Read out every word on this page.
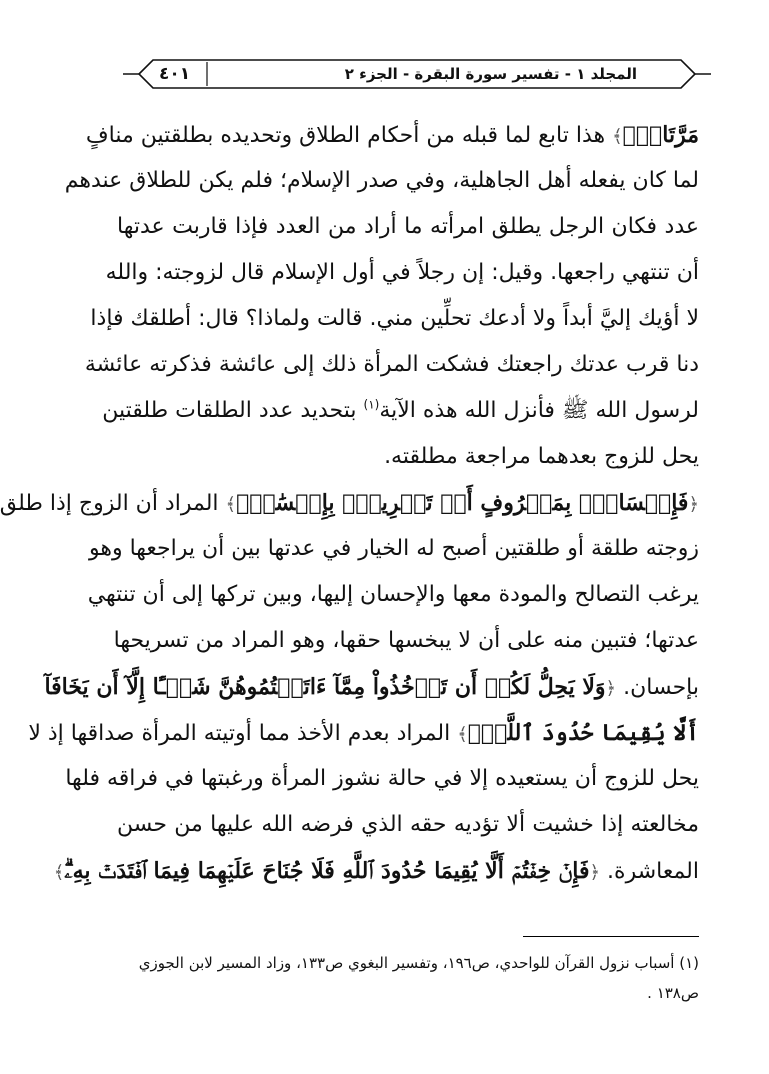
٤٠١	المجلد ١ - تفسير سورة البقرة - الجزء ٢
مَرَّتَانِۖ﴾ هذا تابع لما قبله من أحكام الطلاق وتحديده بطلقتين منافٍ
لما كان يفعله أهل الجاهلية، وفي صدر الإسلام؛ فلم يكن للطلاق عندهم
عدد فكان الرجل يطلق امرأته ما أراد من العدد فإذا قاربت عدتها
أن تنتهي راجعها. وقيل: إن رجلاً في أول الإسلام قال لزوجته: والله
لا أؤيك إليَّ أبداً ولا أدعك تحلِّين مني. قالت ولماذا؟ قال: أطلقك فإذا
دنا قرب عدتك راجعتك فشكت المرأة ذلك إلى عائشة فذكرته عائشة
لرسول الله ﷺ فأنزل الله هذه الآية$^{(١)}$ بتحديد عدد الطلقات طلقتين
يحل للزوج بعدهما مراجعة مطلقته.
﴿فَإِمۡسَاكُۢ بِمَعۡرُوفٍ أَوۡ تَسۡرِيحُۢ بِإِحۡسَٰنٖۗ﴾ المراد أن الزوج إذا طلق
زوجته طلقة أو طلقتين أصبح له الخيار في عدتها بين أن يراجعها وهو
يرغب التصالح والمودة معها والإحسان إليها، وبين تركها إلى أن تنتهي
عدتها؛ فتبين منه على أن لا يبخسها حقها، وهو المراد من تسريحها
بإحسان. ﴿وَلَا يَحِلُّ لَكُمۡ أَن تَأۡخُذُواْ مِمَّآ ءَاتَيۡتُمُوهُنَّ شَيۡـًٔا إِلَّآ أَن يَخَافَآ
أَلَّا يُقِيمَا حُدُودَ ٱللَّهِۖ﴾ المراد بعدم الأخذ مما أوتيته المرأة صداقها إذ لا
يحل للزوج أن يستعيده إلا في حالة نشوز المرأة ورغبتها في فراقه فلها
مخالعته إذا خشيت ألا تؤديه حقه الذي فرضه الله عليها من حسن
المعاشرة. ﴿فَإِنۡ خِفۡتُمۡ أَلَّا يُقِيمَا حُدُودَ ٱللَّهِ فَلَا جُنَاحَ عَلَيۡهِمَا فِيمَا ٱفۡتَدَتۡ بِهِۦۗ﴾
(١) أسباب نزول القرآن للواحدي، ص١٩٦، وتفسير البغوي ص١٣٣، وزاد المسير لابن الجوزي
ص١٣٨ .
